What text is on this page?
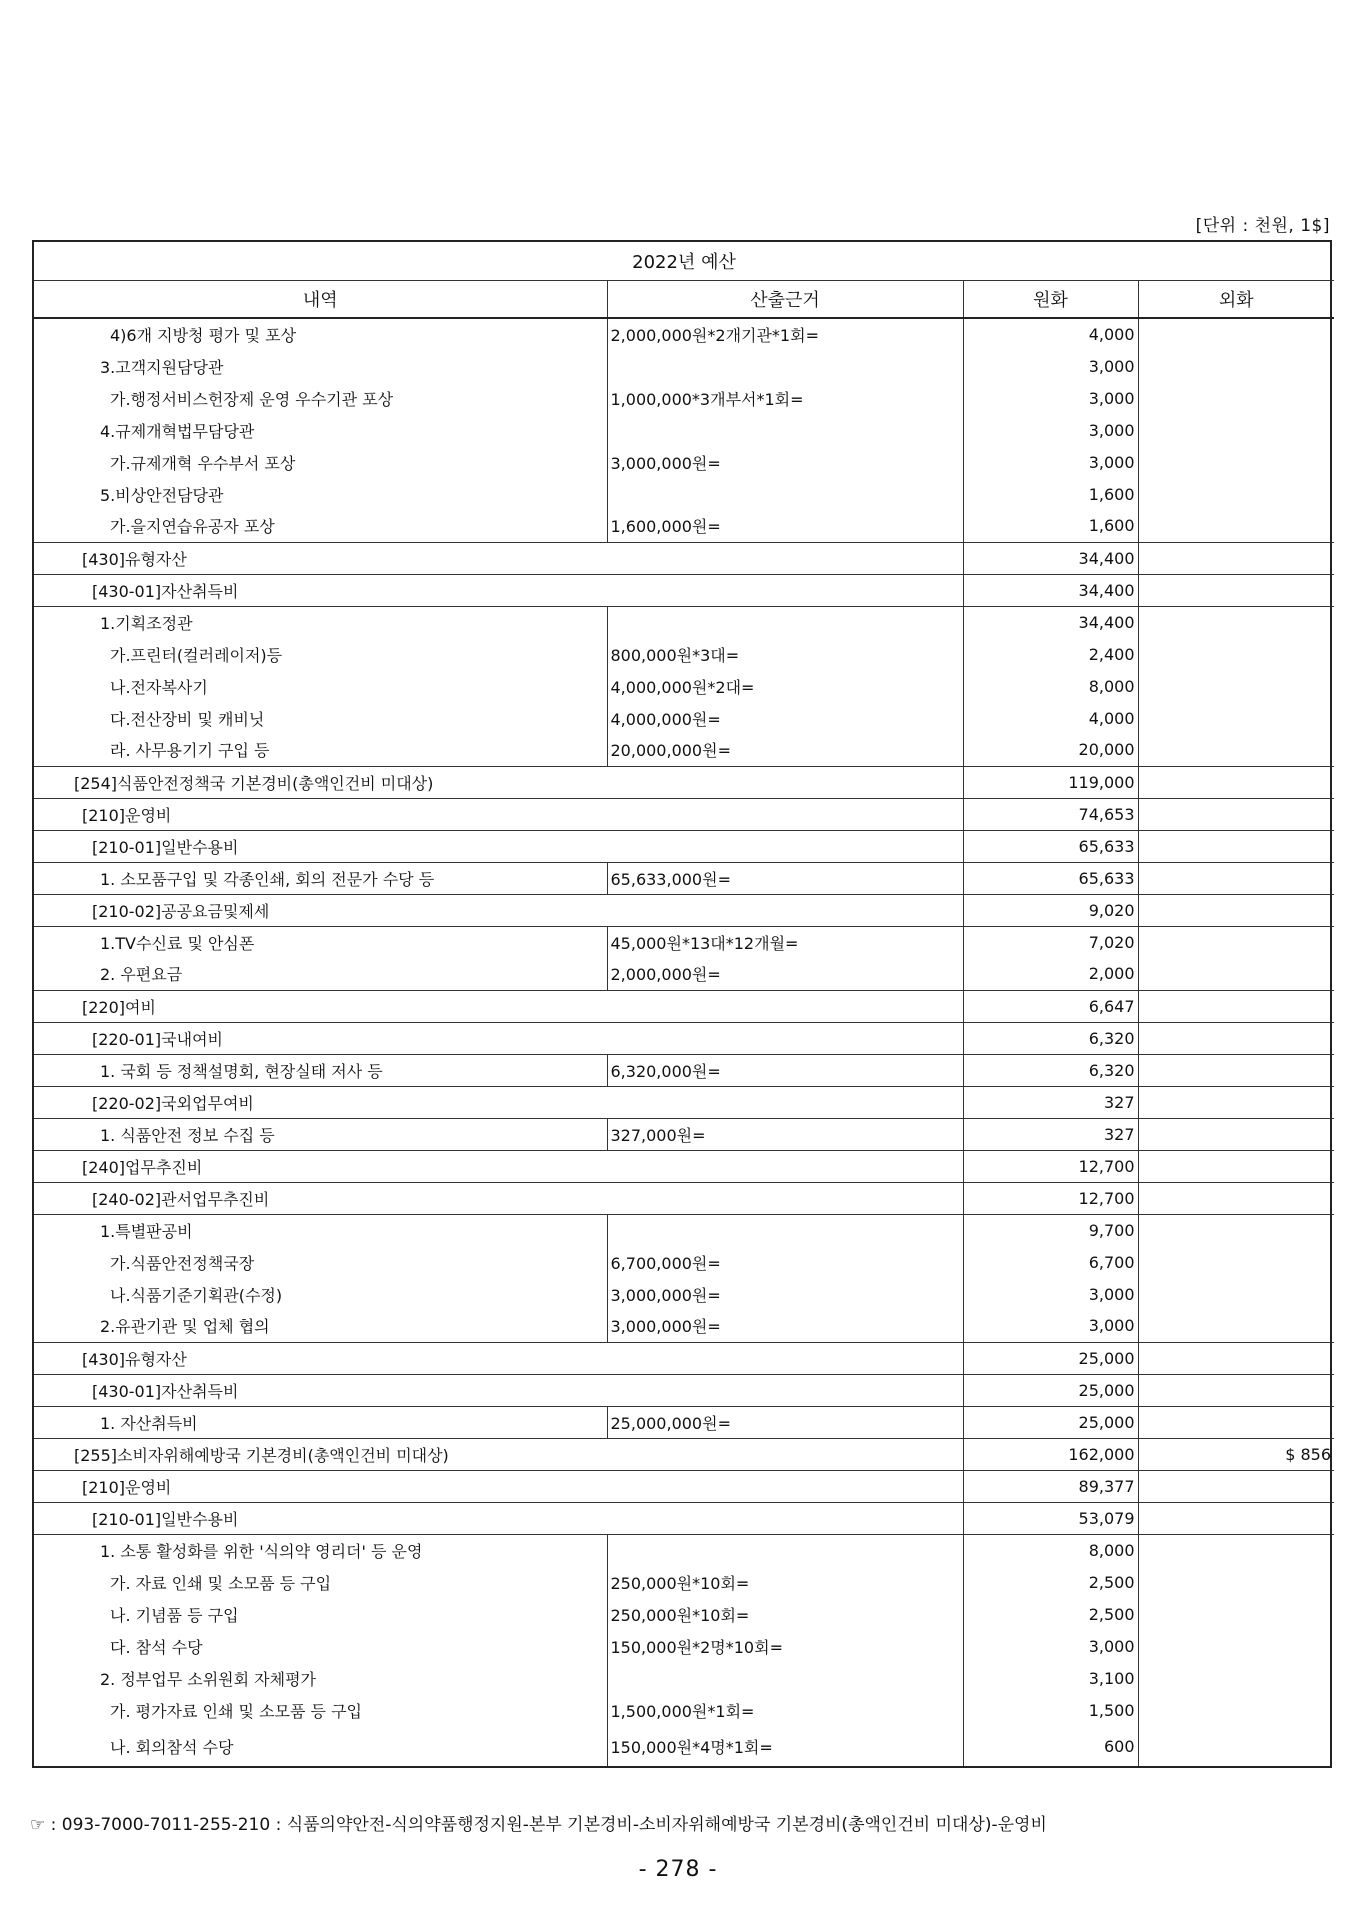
[단위 : 천원, 1$]
2022년 예산			
내역	산출근거	원화	외화
4)6개 지방청 평가 및 포상	2,000,000원*2개기관*1회=	4,000	
3.고객지원담당관		3,000	
가.행정서비스헌장제 운영 우수기관 포상	1,000,000*3개부서*1회=	3,000	
4.규제개혁법무담당관		3,000	
가.규제개혁 우수부서 포상	3,000,000원=	3,000	
5.비상안전담당관		1,600	
가.을지연습유공자 포상	1,600,000원=	1,600	
[430]유형자산		34,400	
[430-01]자산취득비		34,400	
1.기획조정관		34,400	
가.프린터(컬러레이저)등	800,000원*3대=	2,400	
나.전자복사기	4,000,000원*2대=	8,000	
다.전산장비 및 캐비닛	4,000,000원=	4,000	
라. 사무용기기 구입 등	20,000,000원=	20,000	
[254]식품안전정책국 기본경비(총액인건비 미대상)		119,000	
[210]운영비		74,653	
[210-01]일반수용비		65,633	
1. 소모품구입 및 각종인쇄, 회의 전문가 수당 등	65,633,000원=	65,633	
[210-02]공공요금및제세		9,020	
1.TV수신료 및 안심폰	45,000원*13대*12개월=	7,020	
2. 우편요금	2,000,000원=	2,000	
[220]여비		6,647	
[220-01]국내여비		6,320	
1. 국회 등 정책설명회, 현장실태 저사 등	6,320,000원=	6,320	
[220-02]국외업무여비		327	
1. 식품안전 정보 수집 등	327,000원=	327	
[240]업무추진비		12,700	
[240-02]관서업무추진비		12,700	
1.특별판공비		9,700	
가.식품안전정책국장	6,700,000원=	6,700	
나.식품기준기획관(수정)	3,000,000원=	3,000	
2.유관기관 및 업체 협의	3,000,000원=	3,000	
[430]유형자산		25,000	
[430-01]자산취득비		25,000	
1. 자산취득비	25,000,000원=	25,000	
[255]소비자위해예방국 기본경비(총액인건비 미대상)		162,000	$ 856
[210]운영비		89,377	
[210-01]일반수용비		53,079	
1. 소통 활성화를 위한 '식의약 영리더' 등 운영		8,000	
가. 자료 인쇄 및 소모품 등 구입	250,000원*10회=	2,500	
나. 기념품 등 구입	250,000원*10회=	2,500	
다. 참석 수당	150,000원*2명*10회=	3,000	
2. 정부업무 소위원회 자체평가		3,100	
가. 평가자료 인쇄 및 소모품 등 구입	1,500,000원*1회=	1,500	
나. 회의참석 수당	150,000원*4명*1회=	600	
☞ : 093-7000-7011-255-210 : 식품의약안전-식의약품행정지원-본부 기본경비-소비자위해예방국 기본경비(총액인건비 미대상)-운영비
- 278 -
